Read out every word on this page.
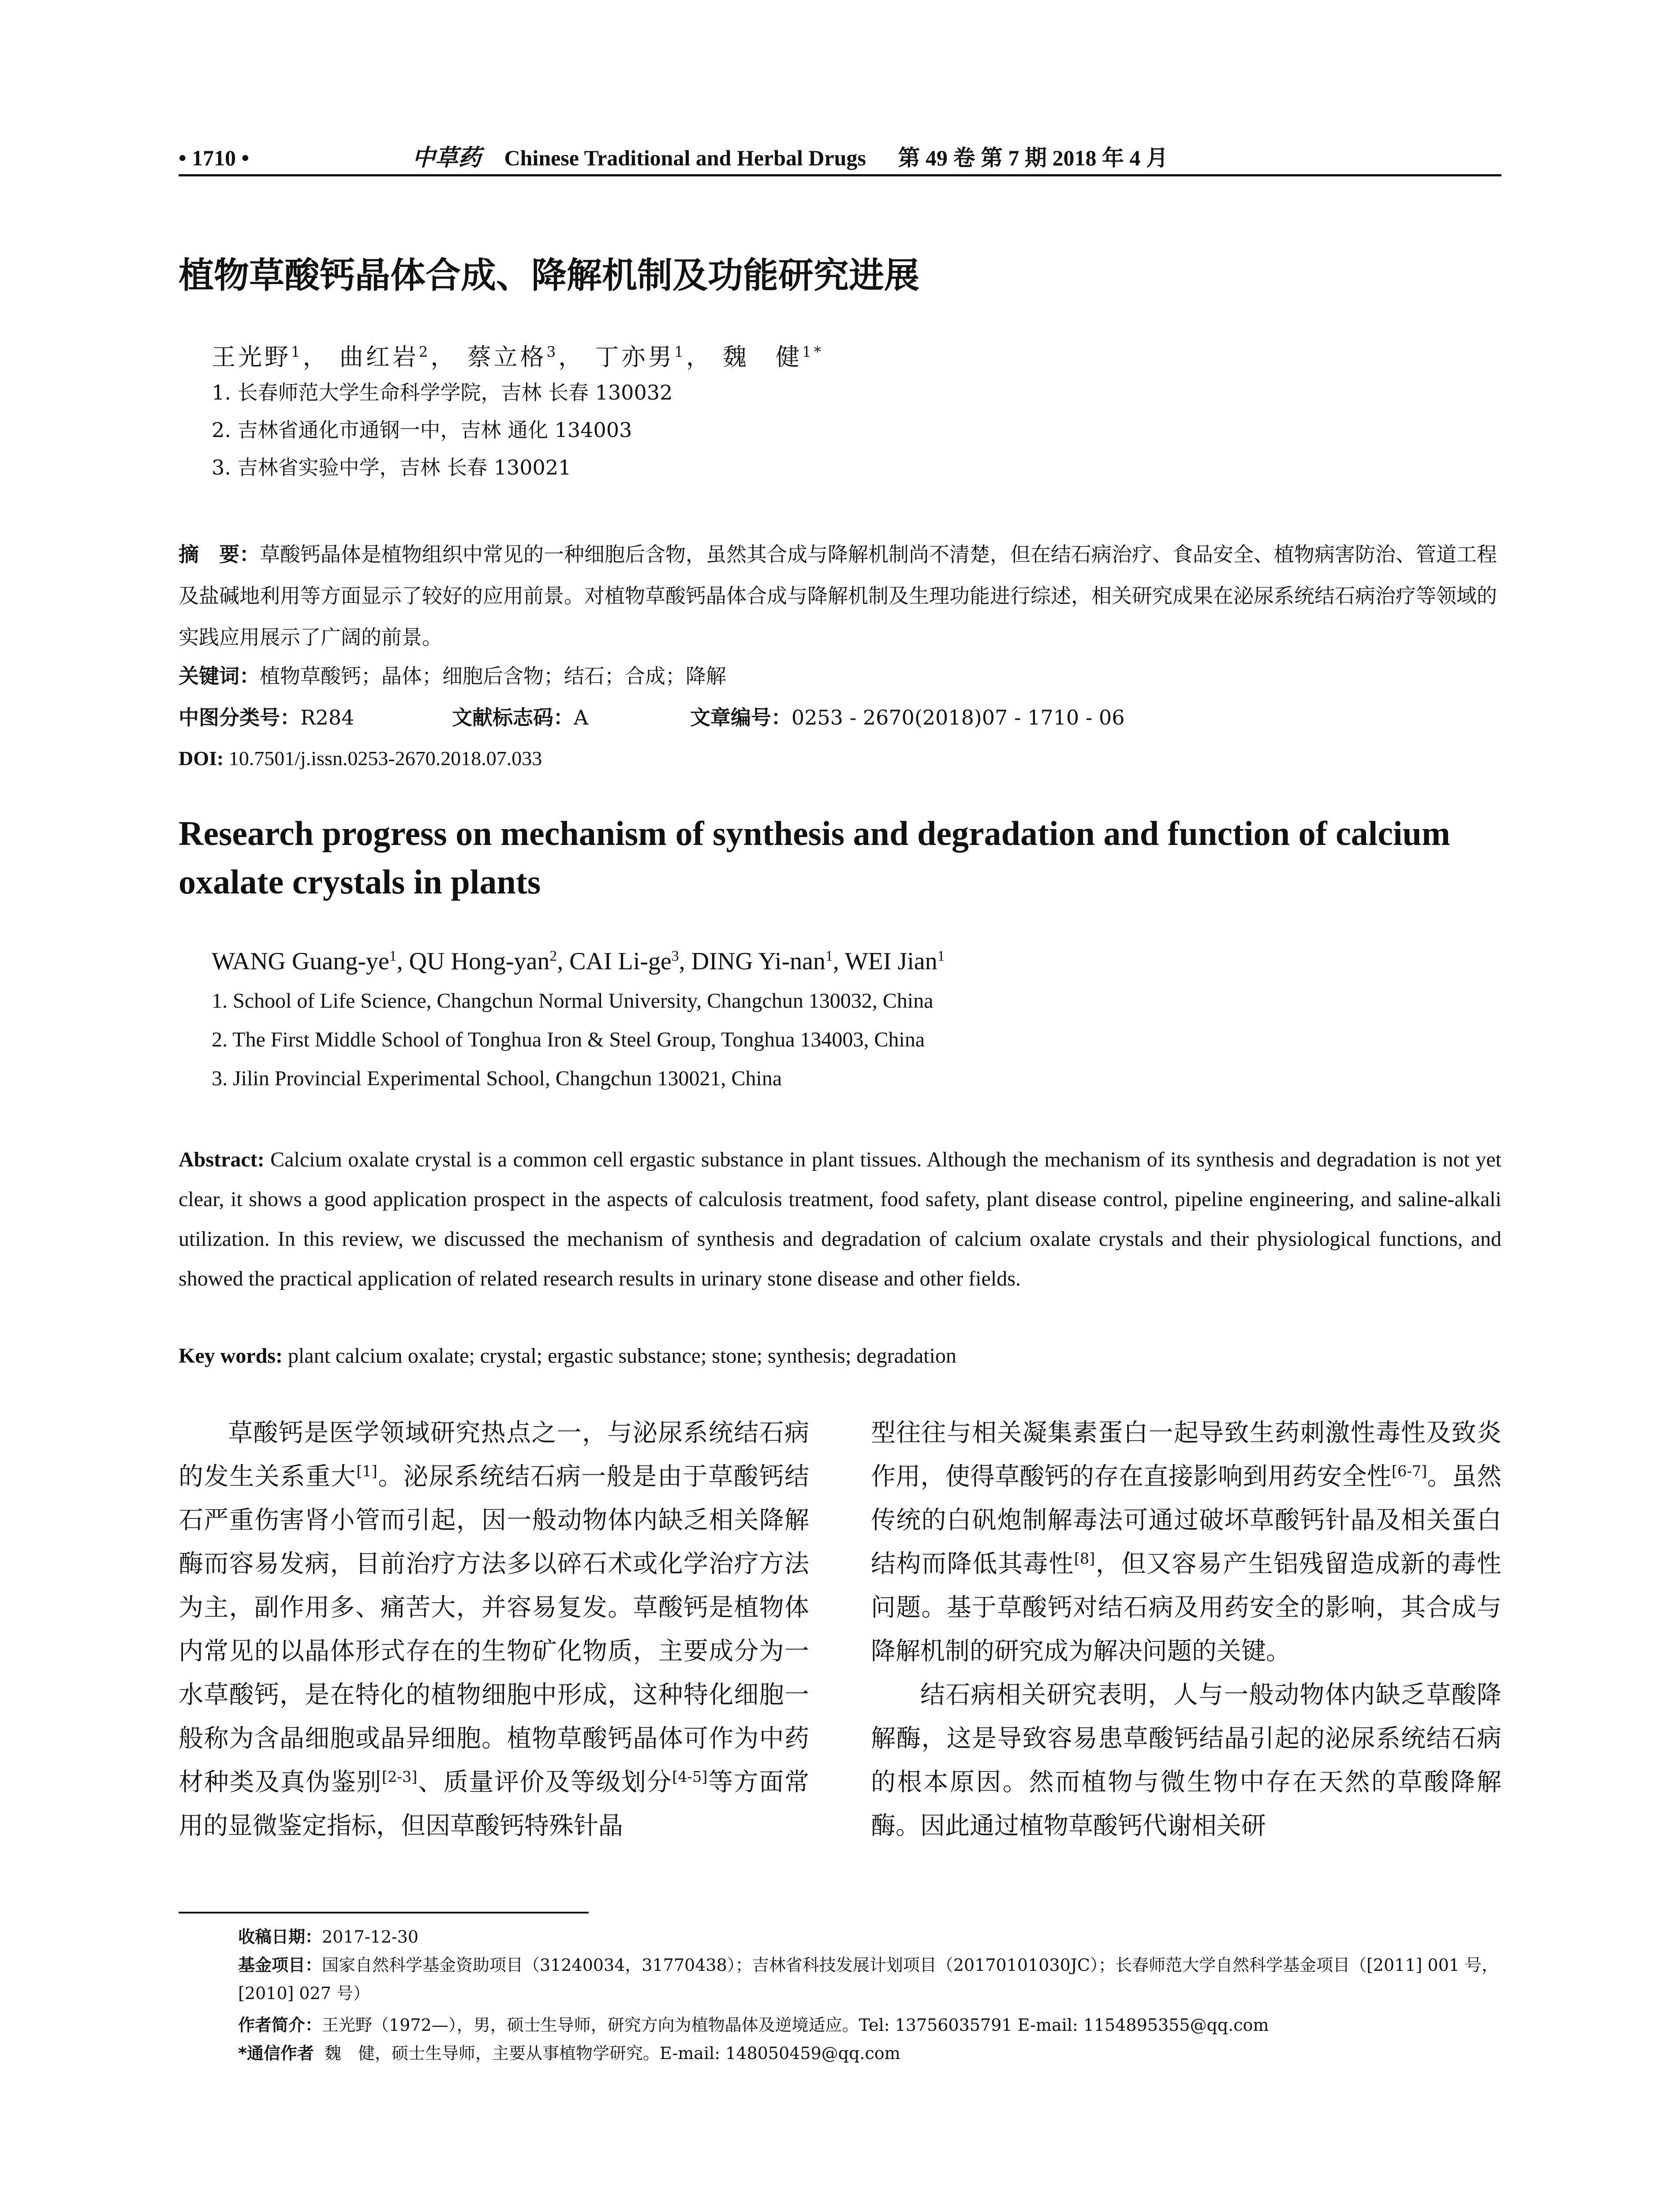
• 1710 •	中草药 Chinese Traditional and Herbal Drugs 第 49 卷 第 7 期 2018 年 4 月
植物草酸钙晶体合成、降解机制及功能研究进展
王光野$^1$， 曲红岩$^2$， 蔡立格$^3$， 丁亦男$^1$， 魏　健$^{1*}$
1. 长春师范大学生命科学学院，吉林 长春 130032
2. 吉林省通化市通钢一中，吉林 通化 134003
3. 吉林省实验中学，吉林 长春 130021
摘　要：草酸钙晶体是植物组织中常见的一种细胞后含物，虽然其合成与降解机制尚不清楚，但在结石病治疗、食品安全、植物病害防治、管道工程及盐碱地利用等方面显示了较好的应用前景。对植物草酸钙晶体合成与降解机制及生理功能进行综述，相关研究成果在泌尿系统结石病治疗等领域的实践应用展示了广阔的前景。
关键词：植物草酸钙；晶体；细胞后含物；结石；合成；降解
中图分类号：R284	文献标志码：A	文章编号：0253 - 2670(2018)07 - 1710 - 06
DOI: 10.7501/j.issn.0253-2670.2018.07.033
Research progress on mechanism of synthesis and degradation and function of calcium oxalate crystals in plants
WANG Guang-$ye^1$, QU Hong-yan$^2$, CAI $Li-ge^3$, DING Yi-nan$^1$, WEI Jian$^1$
1. School of Life Science, Changchun Normal University, Changchun 130032, China
2. The First Middle School of Tonghua Iron & Steel Group, Tonghua 134003, China
3. Jilin Provincial Experimental School, Changchun 130021, China
Abstract: Calcium oxalate crystal is a common cell ergastic substance in plant tissues. Although the mechanism of its synthesis and degradation is not yet clear, it shows a good application prospect in the aspects of calculosis treatment, food safety, plant disease control, pipeline engineering, and saline-alkali utilization. In this review, we discussed the mechanism of synthesis and degradation of calcium oxalate crystals and their physiological functions, and showed the practical application of related research results in urinary stone disease and other fields.
Key words: plant calcium oxalate; crystal; ergastic substance; stone; synthesis; degradation

草酸钙是医学领域研究热点之一，与泌尿系统结石病的发生关系重大[1]。泌尿系统结石病一般是由于草酸钙结石严重伤害肾小管而引起，因一般动物体内缺乏相关降解酶而容易发病，目前治疗方法多以碎石术或化学治疗方法为主，副作用多、痛苦大，并容易复发。草酸钙是植物体内常见的以晶体形式存在的生物矿化物质，主要成分为一水草酸钙，是在特化的植物细胞中形成，这种特化细胞一般称为含晶细胞或晶异细胞。植物草酸钙晶体可作为中药材种类及真伪鉴别[2-3]、质量评价及等级划分[4-5]等方面常用的显微鉴定指标，但因草酸钙特殊针晶

型往往与相关凝集素蛋白一起导致生药刺激性毒性及致炎作用，使得草酸钙的存在直接影响到用药安全性[6-7]。虽然传统的白矾炮制解毒法可通过破坏草酸钙针晶及相关蛋白结构而降低其毒性[8]，但又容易产生铝残留造成新的毒性问题。基于草酸钙对结石病及用药安全的影响，其合成与降解机制的研究成为解决问题的关键。

结石病相关研究表明，人与一般动物体内缺乏草酸降解酶，这是导致容易患草酸钙结晶引起的泌尿系统结石病的根本原因。然而植物与微生物中存在天然的草酸降解酶。因此通过植物草酸钙代谢相关研

收稿日期：2017-12-30
基金项目：国家自然科学基金资助项目（31240034，31770438）；吉林省科技发展计划项目（20170101030JC）；长春师范大学自然科学基金项目（[2011] 001 号，[2010] 027 号）
作者简介：王光野（1972—），男，硕士生导师，研究方向为植物晶体及逆境适应。Tel: 13756035791 E-mail: 1154895355@qq.com
*通信作者 魏　健，硕士生导师，主要从事植物学研究。E-mail: 148050459@qq.com
